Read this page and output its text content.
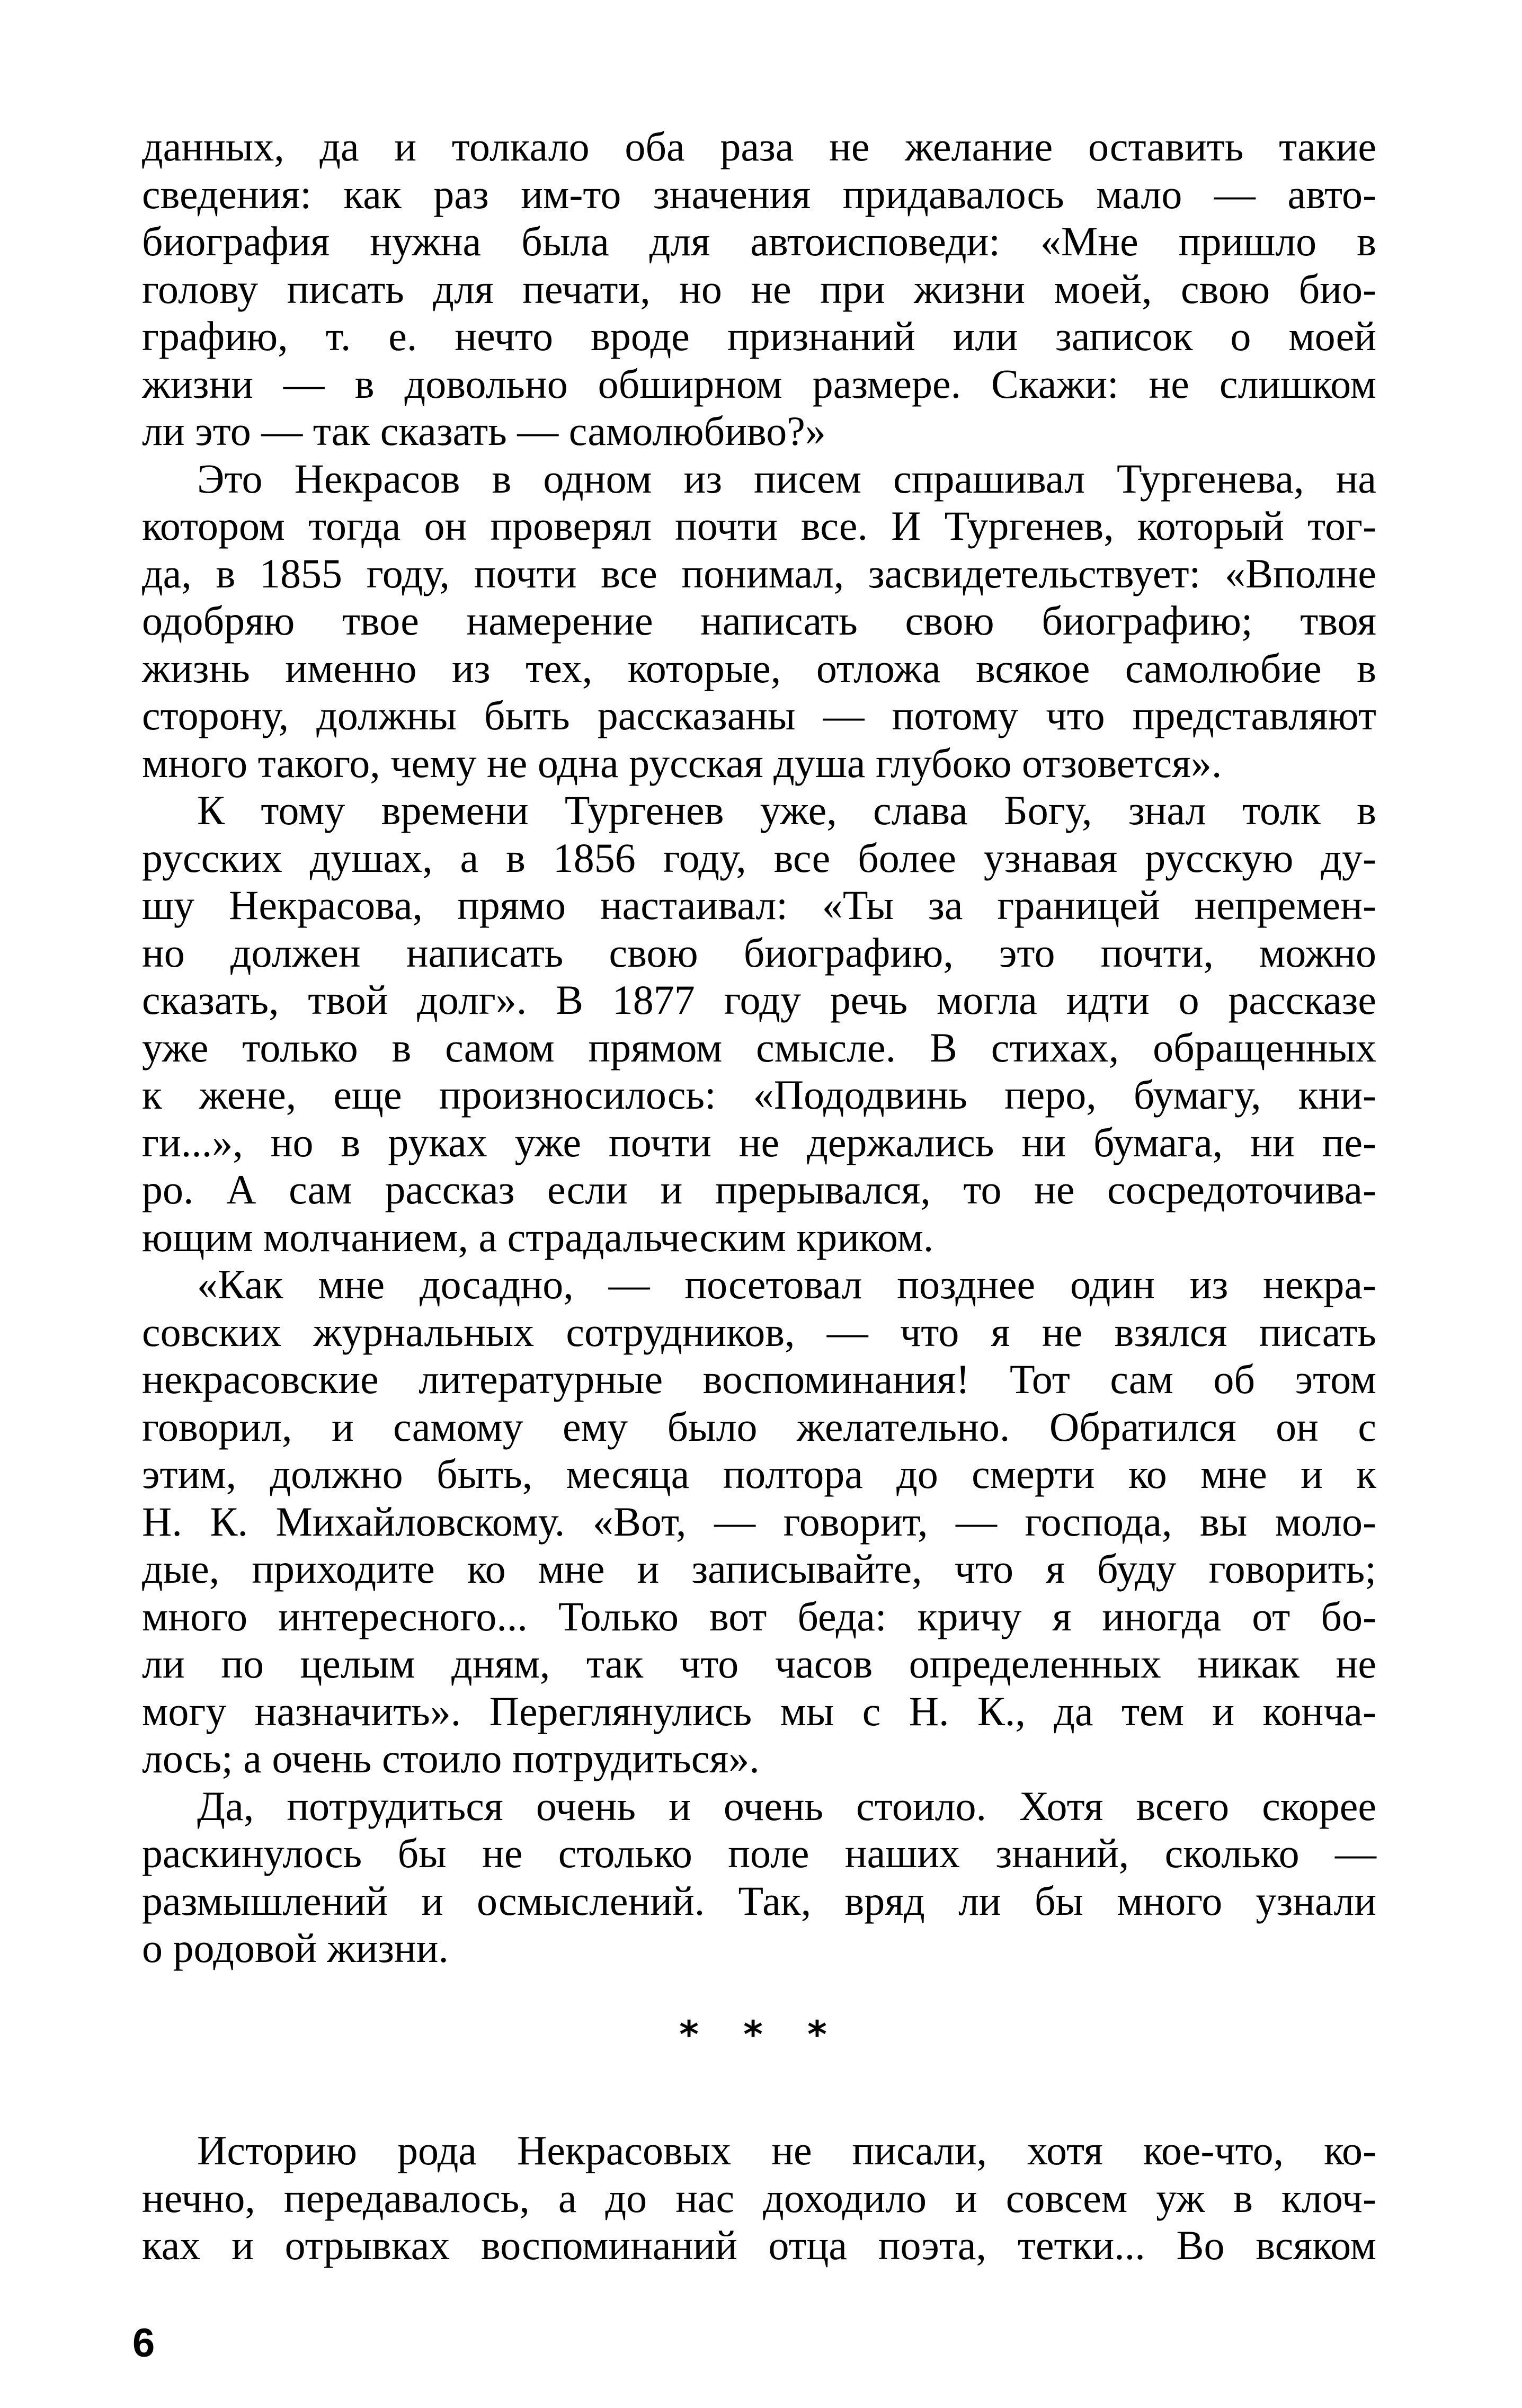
данных, да и толкало оба раза не желание оставить такие
сведения: как раз им-то значения придавалось мало — авто-
биография нужна была для автоисповеди: «Мне пришло в
голову писать для печати, но не при жизни моей, свою био-
графию, т. е. нечто вроде признаний или записок о моей
жизни — в довольно обширном размере. Скажи: не слишком
ли это — так сказать — самолюбиво?»
Это Некрасов в одном из писем спрашивал Тургенева, на
котором тогда он проверял почти все. И Тургенев, который тог-
да, в 1855 году, почти все понимал, засвидетельствует: «Вполне
одобряю твое намерение написать свою биографию; твоя
жизнь именно из тех, которые, отложа всякое самолюбие в
сторону, должны быть рассказаны — потому что представляют
много такого, чему не одна русская душа глубоко отзовется».
К тому времени Тургенев уже, слава Богу, знал толк в
русских душах, а в 1856 году, все более узнавая русскую ду-
шу Некрасова, прямо настаивал: «Ты за границей непремен-
но должен написать свою биографию, это почти, можно
сказать, твой долг». В 1877 году речь могла идти о рассказе
уже только в самом прямом смысле. В стихах, обращенных
к жене, еще произносилось: «Пододвинь перо, бумагу, кни-
ги...», но в руках уже почти не держались ни бумага, ни пе-
ро. А сам рассказ если и прерывался, то не сосредоточива-
ющим молчанием, а страдальческим криком.
«Как мне досадно, — посетовал позднее один из некра-
совских журнальных сотрудников, — что я не взялся писать
некрасовские литературные воспоминания! Тот сам об этом
говорил, и самому ему было желательно. Обратился он с
этим, должно быть, месяца полтора до смерти ко мне и к
Н. К. Михайловскому. «Вот, — говорит, — господа, вы моло-
дые, приходите ко мне и записывайте, что я буду говорить;
много интересного... Только вот беда: кричу я иногда от бо-
ли по целым дням, так что часов определенных никак не
могу назначить». Переглянулись мы с Н. К., да тем и конча-
лось; а очень стоило потрудиться».
Да, потрудиться очень и очень стоило. Хотя всего скорее
раскинулось бы не столько поле наших знаний, сколько —
размышлений и осмыслений. Так, вряд ли бы много узнали
о родовой жизни.
* * *
Историю рода Некрасовых не писали, хотя кое-что, ко-
нечно, передавалось, а до нас доходило и совсем уж в клоч-
ках и отрывках воспоминаний отца поэта, тетки... Во всяком
6
